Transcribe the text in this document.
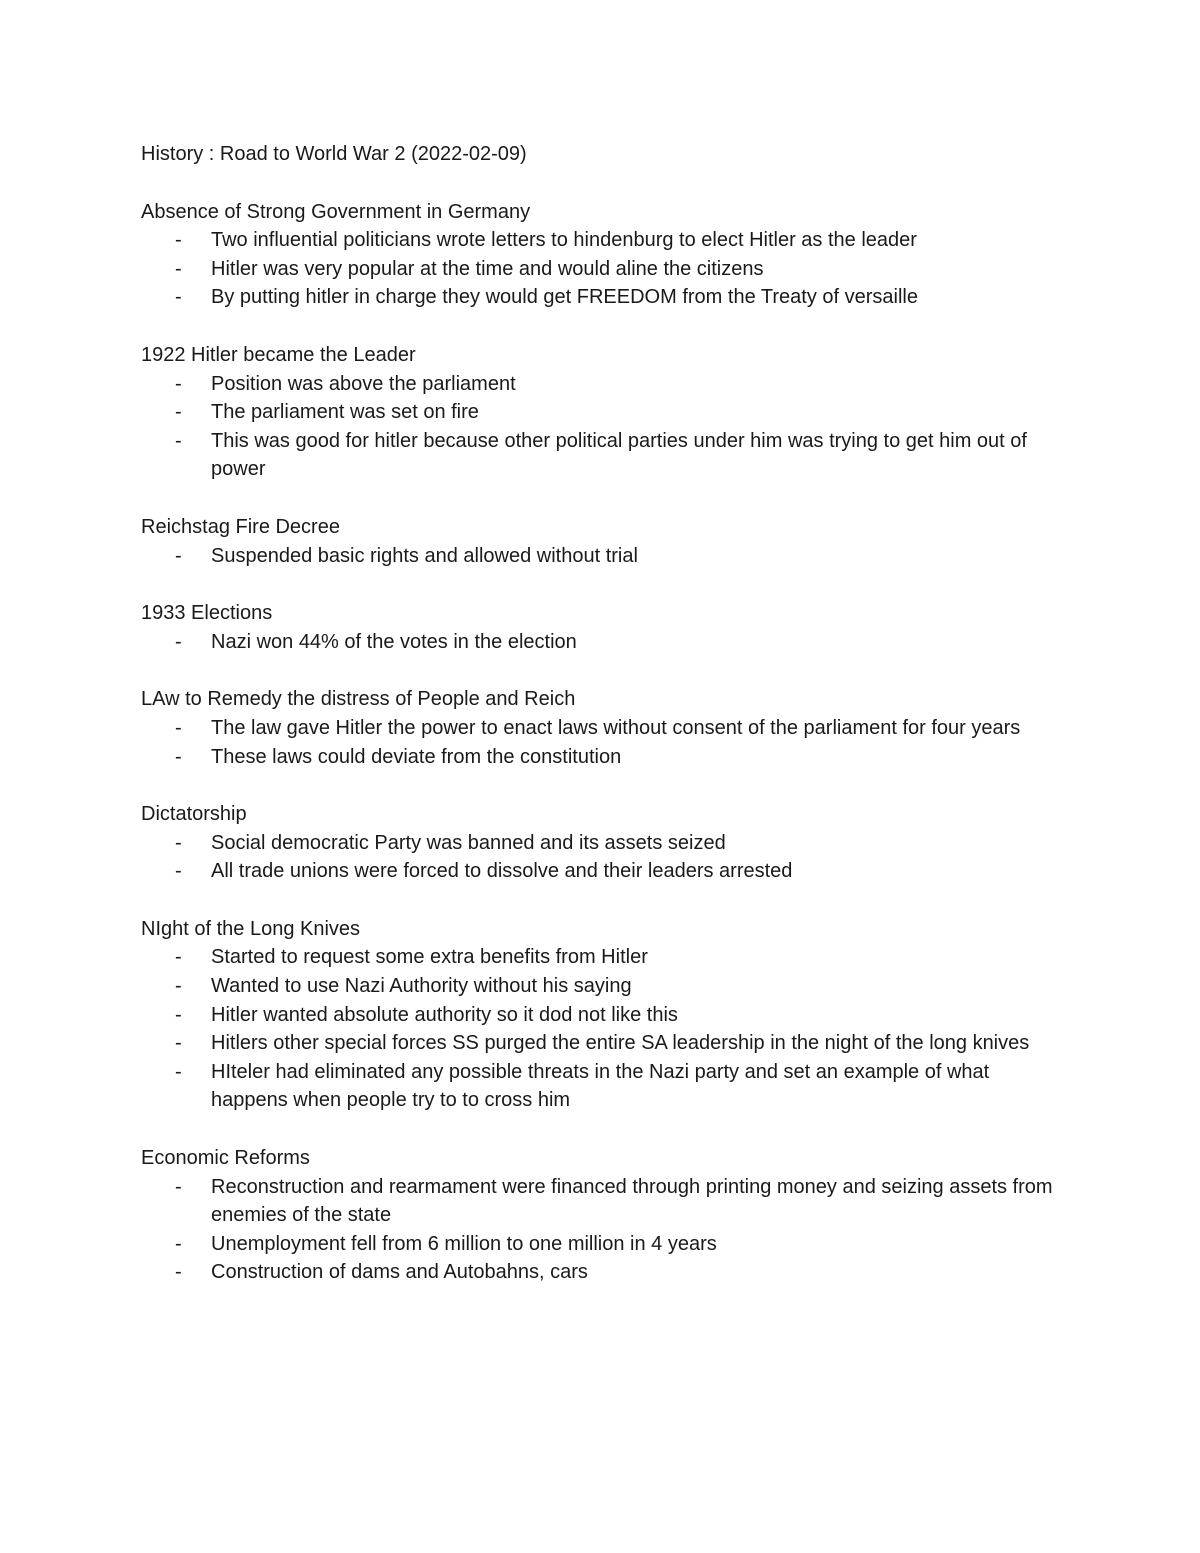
History : Road to World War 2 (2022-02-09)
Absence of Strong Government in Germany
- Two influential politicians wrote letters to hindenburg to elect Hitler as the leader
- Hitler was very popular at the time and would aline the citizens
- By putting hitler in charge they would get FREEDOM from the Treaty of versaille
1922 Hitler became the Leader
- Position was above the parliament
- The parliament was set on fire
- This was good for hitler because other political parties under him was trying to get him out of power
Reichstag Fire Decree
- Suspended basic rights and allowed without trial
1933 Elections
- Nazi won 44% of the votes in the election
LAw to Remedy the distress of People and Reich
- The law gave Hitler the power to enact laws without consent of the parliament for four years
- These laws could deviate from the constitution
Dictatorship
- Social democratic Party was banned and its assets seized
- All trade unions were forced to dissolve and their leaders arrested
NIght of the Long Knives
- Started to request some extra benefits from Hitler
- Wanted to use Nazi Authority without his saying
- Hitler wanted absolute authority so it dod not like this
- Hitlers other special forces SS purged the entire SA leadership in the night of the long knives
- HIteler had eliminated any possible threats in the Nazi party and set an example of what happens when people try to to cross him
Economic Reforms
- Reconstruction and rearmament were financed through printing money and seizing assets from enemies of the state
- Unemployment fell from 6 million to one million in 4 years
- Construction of dams and Autobahns, cars
